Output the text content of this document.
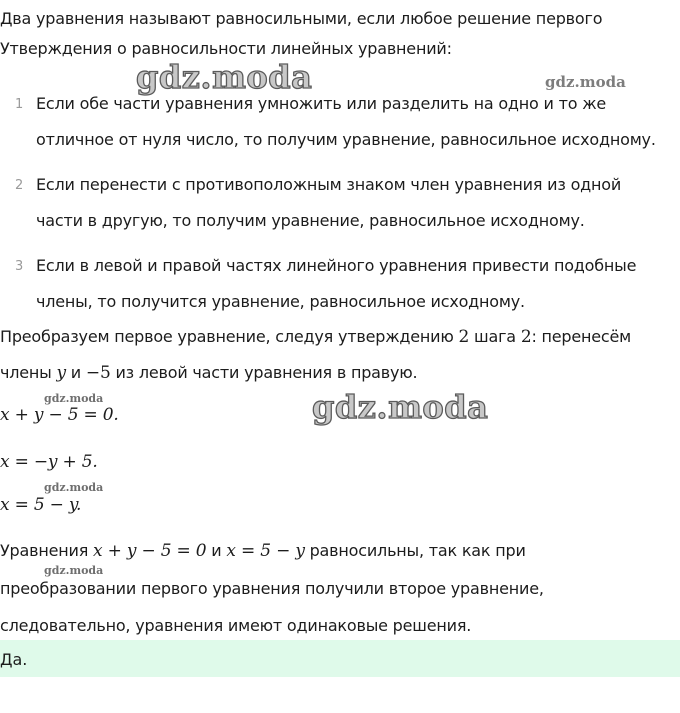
Два уравнения называют равносильными, если любое решение первого
Утверждения о равносильности линейных уравнений:
gdz.moda	gdz.moda
1 Если обе части уравнения умножить или разделить на одно и то же
отличное от нуля число, то получим уравнение, равносильное исходному.
2 Если перенести с противоположным знаком член уравнения из одной
части в другую, то получим уравнение, равносильное исходному.
3 Если в левой и правой частях линейного уравнения привести подобные
члены, то получится уравнение, равносильное исходному.
Преобразуем первое уравнение, следуя утверждению 2 шага 2: перенесём
члены y и −5 из левой части уравнения в правую.
gdz.moda
x + y − 5 = 0.	gdz.moda
x = −y + 5.
gdz.moda
x = 5 − y.
Уравнения x + y − 5 = 0 и x = 5 − y равносильны, так как при
gdz.moda
преобразовании первого уравнения получили второе уравнение,
следовательно, уравнения имеют одинаковые решения.
Да.
